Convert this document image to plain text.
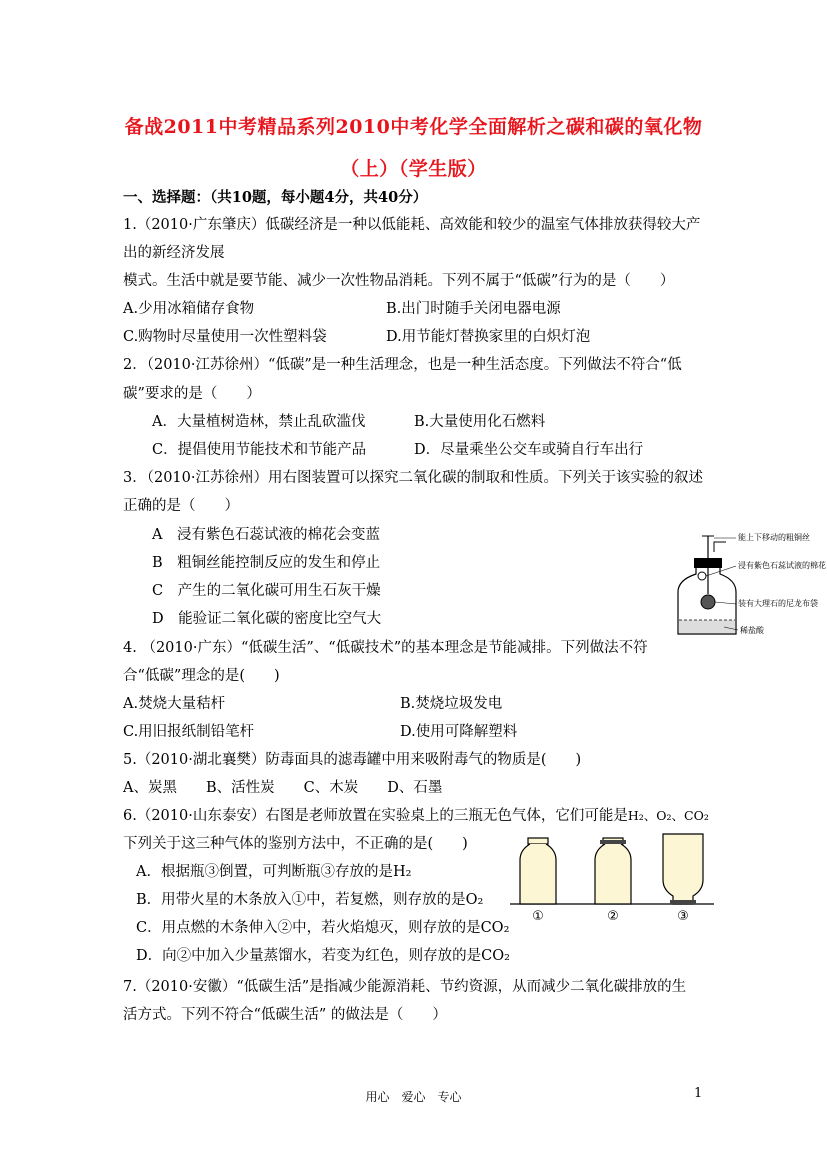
备战2011中考精品系列2010中考化学全面解析之碳和碳的氧化物
（上）（学生版）
一、选择题：（共10题，每小题4分，共40分）
1.（2010·广东肇庆）低碳经济是一种以低能耗、高效能和较少的温室气体排放获得较大产
出的新经济发展
模式。生活中就是要节能、减少一次性物品消耗。下列不属于“低碳”行为的是（　　）
A.少用冰箱储存食物	B.出门时随手关闭电器电源
C.购物时尽量使用一次性塑料袋	D.用节能灯替换家里的白炽灯泡
2．（2010·江苏徐州）“低碳”是一种生活理念，也是一种生活态度。下列做法不符合“低
碳”要求的是（　　）
A．大量植树造林，禁止乱砍滥伐	B.大量使用化石燃料
C．提倡使用节能技术和节能产品	D．尽量乘坐公交车或骑自行车出行
3．（2010·江苏徐州）用右图装置可以探究二氧化碳的制取和性质。下列关于该实验的叙述
正确的是（　　）
A　浸有紫色石蕊试液的棉花会变蓝
B　粗铜丝能控制反应的发生和停止
C　产生的二氧化碳可用生石灰干燥
D　能验证二氧化碳的密度比空气大
能上下移动的粗铜丝
浸有紫色石蕊试液的棉花
装有大理石的尼龙布袋
稀盐酸
4. （2010·广东）“低碳生活”、“低碳技术”的基本理念是节能减排。下列做法不符
合“低碳”理念的是(　　)
A.焚烧大量秸杆	B.焚烧垃圾发电
C.用旧报纸制铅笔杆	D.使用可降解塑料
5.（2010·湖北襄樊）防毒面具的滤毒罐中用来吸附毒气的物质是(　　)
A、炭黑　　B、活性炭　　C、木炭　　D、石墨
6.（2010·山东泰安）右图是老师放置在实验桌上的三瓶无色气体，它们可能是H₂、O₂、CO₂
下列关于这三种气体的鉴别方法中，不正确的是(　　)
A．根据瓶③倒置，可判断瓶③存放的是H₂
B．用带火星的木条放入①中，若复燃，则存放的是O₂
C．用点燃的木条伸入②中，若火焰熄灭，则存放的是CO₂
D．向②中加入少量蒸馏水，若变为红色，则存放的是CO₂
①	②	③
7.（2010·安徽）“低碳生活”是指减少能源消耗、节约资源，从而减少二氧化碳排放的生
活方式。下列不符合“低碳生活” 的做法是（　　）
用心　爱心　专心	1
